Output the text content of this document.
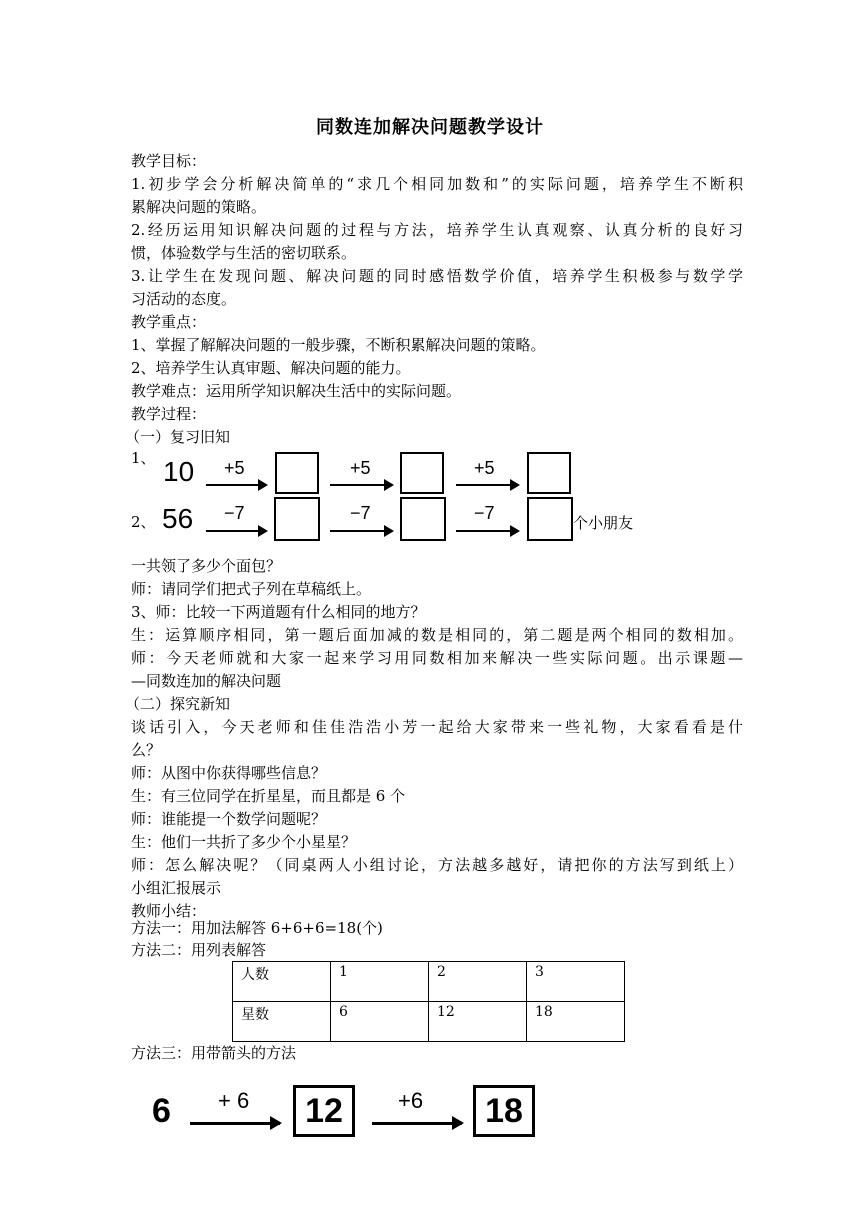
同数连加解决问题教学设计
教学目标：
1.初步学会分析解决简单的“求几个相同加数和”的实际问题，培养学生不断积
累解决问题的策略。
2.经历运用知识解决问题的过程与方法，培养学生认真观察、认真分析的良好习
惯，体验数学与生活的密切联系。
3.让学生在发现问题、解决问题的同时感悟数学价值，培养学生积极参与数学学
习活动的态度。
教学重点：
1、掌握了解解决问题的一般步骤，不断积累解决问题的策略。
2、培养学生认真审题、解决问题的能力。
教学难点：运用所学知识解决生活中的实际问题。
教学过程：
（一）复习旧知
1、 10 +5	+5	+5
2、 56 −7	−7	−7	个小朋友
一共领了多少个面包？
师：请同学们把式子列在草稿纸上。
3、师：比较一下两道题有什么相同的地方？
生：运算顺序相同，第一题后面加减的数是相同的，第二题是两个相同的数相加。
师：今天老师就和大家一起来学习用同数相加来解决一些实际问题。出示课题—
—同数连加的解决问题
（二）探究新知
谈话引入，今天老师和佳佳浩浩小芳一起给大家带来一些礼物，大家看看是什
么？
师：从图中你获得哪些信息？
生：有三位同学在折星星，而且都是 6 个
师：谁能提一个数学问题呢？
生：他们一共折了多少个小星星？
师：怎么解决呢？（同桌两人小组讨论，方法越多越好，请把你的方法写到纸上）
小组汇报展示
教师小结：
方法一：用加法解答 6+6+6=18(个)
方法二：用列表解答
人数	1	2	3
星数	6	12	18
方法三：用带箭头的方法
6 + 6	12	+6	18
